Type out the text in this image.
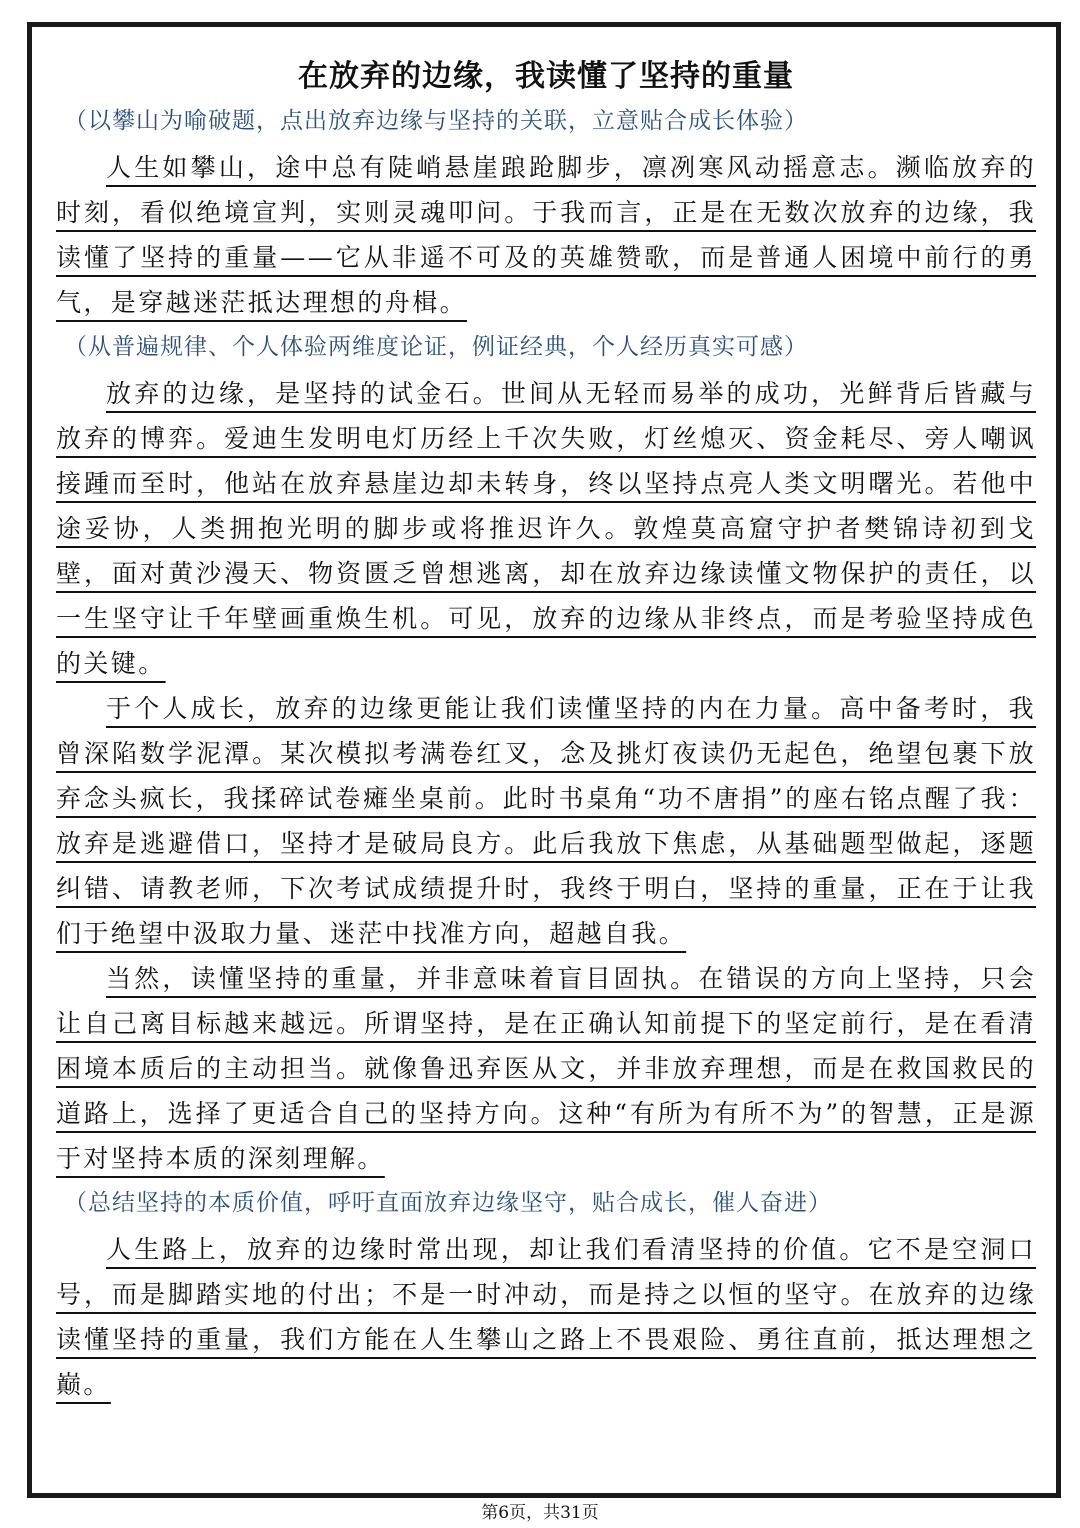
在放弃的边缘，我读懂了坚持的重量
（以攀山为喻破题，点出放弃边缘与坚持的关联，立意贴合成长体验）

人生如攀山，途中总有陡峭悬崖踉跄脚步，凛冽寒风动摇意志。濒临放弃的时刻，看似绝境宣判，实则灵魂叩问。于我而言，正是在无数次放弃的边缘，我读懂了坚持的重量——它从非遥不可及的英雄赞歌，而是普通人困境中前行的勇气，是穿越迷茫抵达理想的舟楫。

（从普遍规律、个人体验两维度论证，例证经典，个人经历真实可感）

放弃的边缘，是坚持的试金石。世间从无轻而易举的成功，光鲜背后皆藏与放弃的博弈。爱迪生发明电灯历经上千次失败，灯丝熄灭、资金耗尽、旁人嘲讽接踵而至时，他站在放弃悬崖边却未转身，终以坚持点亮人类文明曙光。若他中途妥协，人类拥抱光明的脚步或将推迟许久。敦煌莫高窟守护者樊锦诗初到戈壁，面对黄沙漫天、物资匮乏曾想逃离，却在放弃边缘读懂文物保护的责任，以一生坚守让千年壁画重焕生机。可见，放弃的边缘从非终点，而是考验坚持成色的关键。

于个人成长，放弃的边缘更能让我们读懂坚持的内在力量。高中备考时，我曾深陷数学泥潭。某次模拟考满卷红叉，念及挑灯夜读仍无起色，绝望包裹下放弃念头疯长，我揉碎试卷瘫坐桌前。此时书桌角“功不唐捐”的座右铭点醒了我：放弃是逃避借口，坚持才是破局良方。此后我放下焦虑，从基础题型做起，逐题纠错、请教老师，下次考试成绩提升时，我终于明白，坚持的重量，正在于让我们于绝望中汲取力量、迷茫中找准方向，超越自我。

当然，读懂坚持的重量，并非意味着盲目固执。在错误的方向上坚持，只会让自己离目标越来越远。所谓坚持，是在正确认知前提下的坚定前行，是在看清困境本质后的主动担当。就像鲁迅弃医从文，并非放弃理想，而是在救国救民的道路上，选择了更适合自己的坚持方向。这种“有所为有所不为”的智慧，正是源于对坚持本质的深刻理解。

（总结坚持的本质价值，呼吁直面放弃边缘坚守，贴合成长，催人奋进）

人生路上，放弃的边缘时常出现，却让我们看清坚持的价值。它不是空洞口号，而是脚踏实地的付出；不是一时冲动，而是持之以恒的坚守。在放弃的边缘读懂坚持的重量，我们方能在人生攀山之路上不畏艰险、勇往直前，抵达理想之巅。

第6页，共31页
